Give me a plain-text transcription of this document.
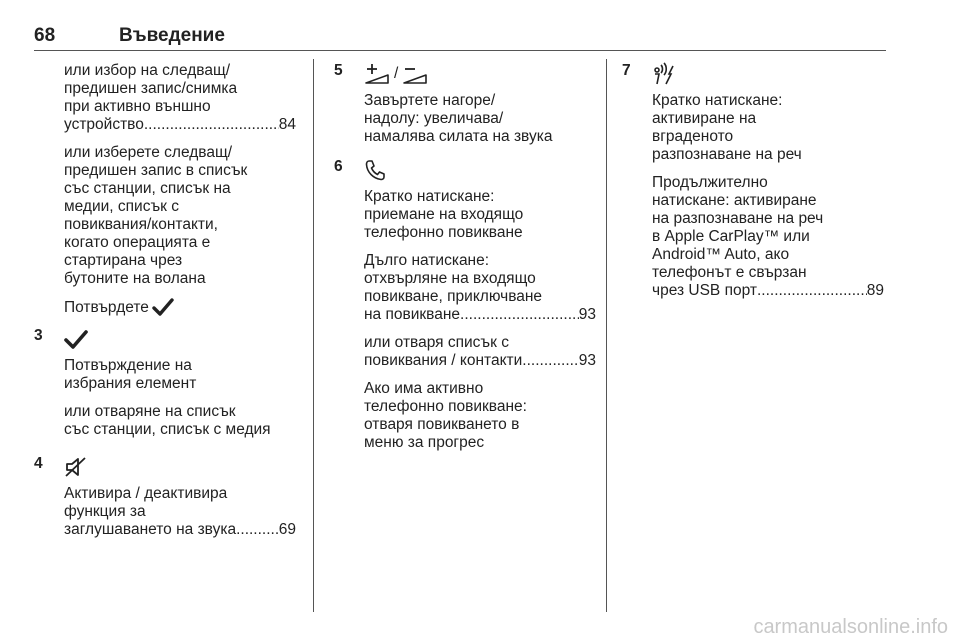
68	Въведение
или избор на следващ/
предишен запис/снимка
при активно външно
устройство .....	84
или изберете следващ/
предишен запис в списък
със станции, списък на
медии, списък с
повиквания/контакти,
когато операцията е
стартирана чрез
бутоните на волана
Потвърдете
3
Потвърждение на
избрания елемент
или отваряне на списък
със станции, списък с медия
4
Активира / деактивира
функция за
заглушаването на звука .....	69
5	/
Завъртете нагоре/
надолу: увеличава/
намалява силата на звука
6
Кратко натискане:
приемане на входящо
телефонно повикване
Дълго натискане:
отхвърляне на входящо
повикване, приключване
на повикване .....	93
или отваря списък с
повиквания / контакти .....	93
Ако има активно
телефонно повикване:
отваря повикването в
меню за прогрес
7
Кратко натискане:
активиране на
вграденото
разпознаване на реч
Продължително
натискане: активиране
на разпознаване на реч
в Apple CarPlay™ или
Android™ Auto, ако
телефонът е свързан
чрез USB порт .....	89
carmanualsonline.info
